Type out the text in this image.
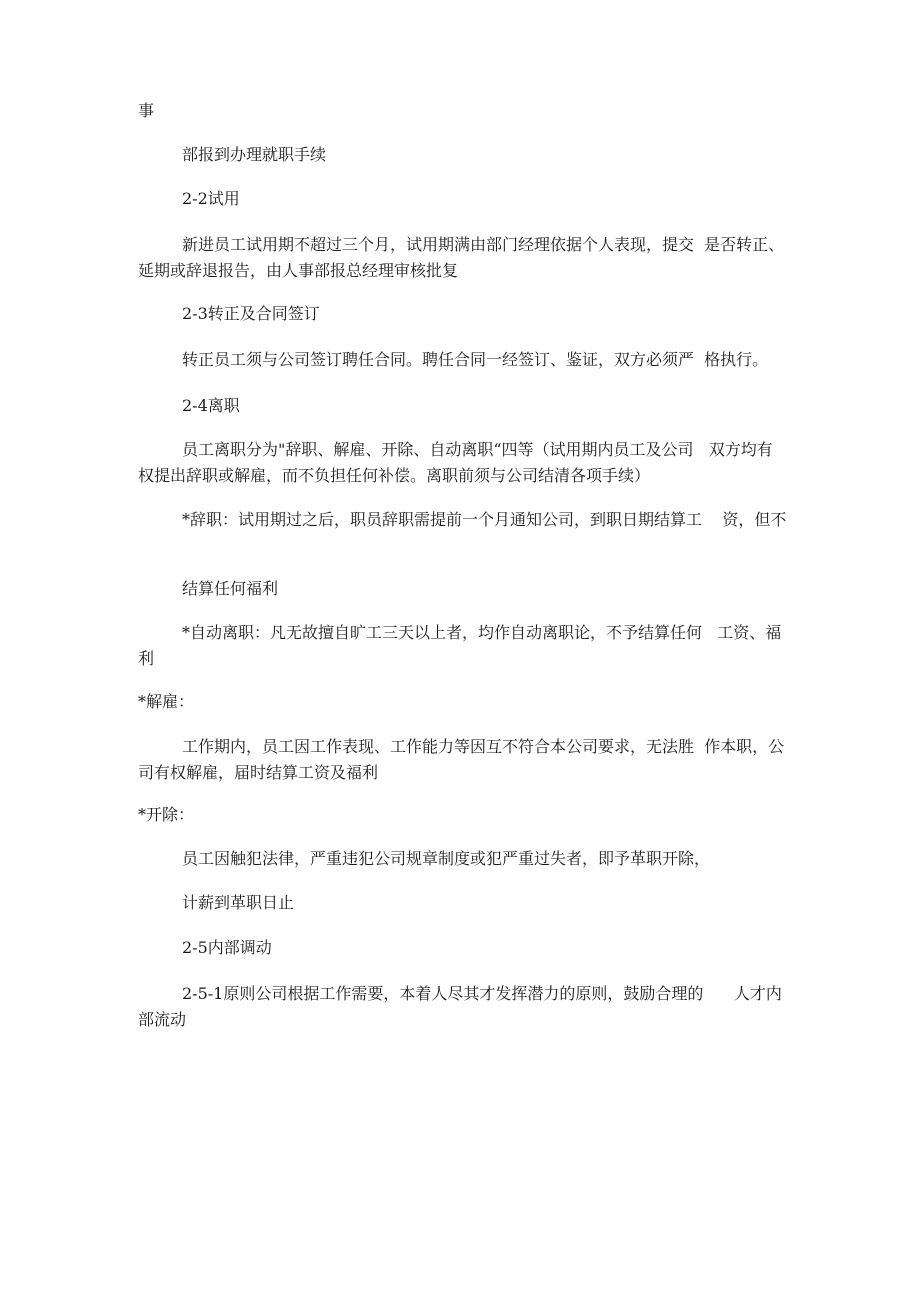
事

部报到办理就职手续

2-2试用

新进员工试用期不超过三个月，试用期满由部门经理依据个人表现，提交  是否转正、延期或辞退报告，由人事部报总经理审核批复

2-3转正及合同签订

转正员工须与公司签订聘任合同。聘任合同一经签订、鉴证，双方必须严  格执行。

2-4离职

员工离职分为"辞职、解雇、开除、自动离职“四等（试用期内员工及公司   双方均有权提出辞职或解雇，而不负担任何补偿。离职前须与公司结清各项手续）

*辞职：试用期过之后，职员辞职需提前一个月通知公司，到职日期结算工    资，但不

结算任何福利

*自动离职：凡无故擅自旷工三天以上者，均作自动离职论，不予结算任何   工资、福利

*解雇：

工作期内，员工因工作表现、工作能力等因互不符合本公司要求，无法胜  作本职，公司有权解雇，届时结算工资及福利

*开除：

员工因触犯法律，严重违犯公司规章制度或犯严重过失者，即予革职开除，

计薪到革职日止

2-5内部调动

2-5-1原则公司根据工作需要，本着人尽其才发挥潜力的原则，鼓励合理的      人才内部流动
